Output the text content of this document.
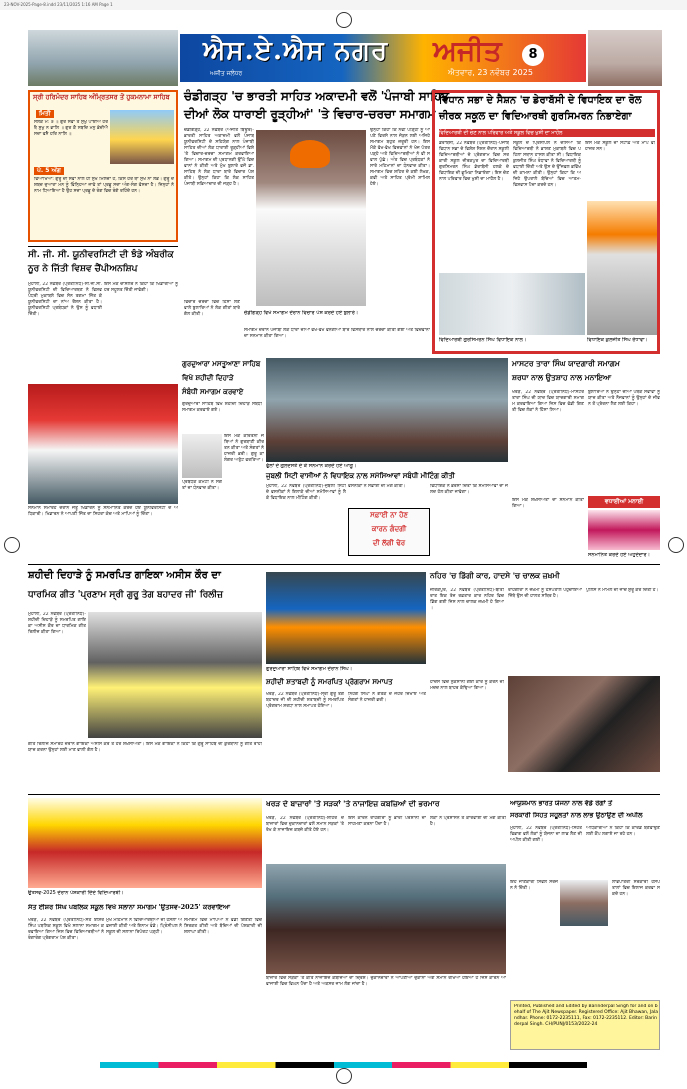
23-NOV-2025-Page-8.indd 23/11/2025 1:16 AM Page 1
ਐਸ.ਏ.ਐਸ ਨਗਰ ਅਜੀਤ	8
ਐਤਵਾਰ, 23 ਨਵੰਬਰ 2025
ਅਜੀਤ ਜਲੰਧਰ
ਸ੍ਰੀ ਹਰਿਮੰਦਰ ਸਾਹਿਬ ਅੰਮ੍ਰਿਤਸਰ ਤੋਂ ਹੁਕਮਨਾਮਾ ਸਾਹਿਬ
ਮਿਤੀ
ਸਲੋਕ ਮ: ੩ ॥ ਗੁਰ ਸੇਵਾ ਤੇ ਸੁਖੁ ਪਾਈਐ ਹੋਰ ਥੈ ਸੁਖੁ ਨ ਭਾਲਿ ॥ ਗੁਰ ਕੈ ਸਬਦਿ ਮਨੁ ਭੇਦੀਐ ਸਦਾ ਵਸੈ ਹਰਿ ਨਾਲਿ ॥
ਪੰ. 5 ਅੰਗ
ਵਿਆਖਿਆ: ਗੁਰੂ ਦੀ ਸੇਵਾ ਨਾਲ ਹੀ ਸੁਖ ਮਿਲਦਾ ਹੈ, ਕਿਸੇ ਹੋਰ ਥਾਂ ਸੁਖ ਨਾ ਲੱਭ। ਗੁਰੂ ਦੇ ਸ਼ਬਦ ਦੁਆਰਾ ਮਨ ਨੂੰ ਵਿੰਨ੍ਹਿਆ ਜਾਵੇ ਤਾਂ ਪ੍ਰਭੂ ਸਦਾ ਅੰਗ-ਸੰਗ ਵੱਸਦਾ ਹੈ। ਜਿਨ੍ਹਾਂ ਨੇ ਨਾਮ ਧਿਆਇਆ ਹੈ ਉਹ ਸਦਾ ਪ੍ਰਭੂ ਦੇ ਰੰਗ ਵਿਚ ਰੰਗੇ ਰਹਿੰਦੇ ਹਨ।
ਚੰਡੀਗੜ੍ਹ 'ਚ ਭਾਰਤੀ ਸਾਹਿਤ ਅਕਾਦਮੀ ਵਲੋਂ 'ਪੰਜਾਬੀ ਸਾਹਿਤ
ਦੀਆਂ ਲੋਕ ਧਾਰਾਈ ਰੂੜ੍ਹੀਆਂ' 'ਤੇ ਵਿਚਾਰ-ਚਰਚਾ ਸਮਾਗਮ
ਚੰਡੀਗੜ੍ਹ, 22 ਨਵੰਬਰ (ਅਜੀਤ ਬਿਊਰੋ)-ਭਾਰਤੀ ਸਾਹਿਤ ਅਕਾਦਮੀ ਵਲੋਂ ਪੰਜਾਬ ਯੂਨੀਵਰਸਿਟੀ ਦੇ ਸਹਿਯੋਗ ਨਾਲ ਪੰਜਾਬੀ ਸਾਹਿਤ ਦੀਆਂ ਲੋਕ ਧਾਰਾਈ ਰੂੜ੍ਹੀਆਂ ਵਿਸ਼ੇ 'ਤੇ ਵਿਚਾਰ-ਚਰਚਾ ਸਮਾਗਮ ਕਰਵਾਇਆ ਗਿਆ। ਸਮਾਗਮ ਦੀ ਪ੍ਰਧਾਨਗੀ ਉੱਘੇ ਵਿਦਵਾਨਾਂ ਨੇ ਕੀਤੀ ਅਤੇ ਮੁੱਖ ਬੁਲਾਰੇ ਵਜੋਂ ਡਾ. ਸਾਹਿਬ ਨੇ ਲੋਕ ਧਾਰਾ ਬਾਰੇ ਵਿਚਾਰ ਪੇਸ਼ ਕੀਤੇ। ਉਨ੍ਹਾਂ ਕਿਹਾ ਕਿ ਲੋਕ ਸਾਹਿਤ ਪੰਜਾਬੀ ਸਭਿਆਚਾਰ ਦੀ ਜੜ੍ਹ ਹੈ।
ਉਨ੍ਹਾਂ ਕਿਹਾ ਕਿ ਨਵੀਂ ਪੀੜ੍ਹੀ ਨੂੰ ਆਪਣੇ ਵਿਰਸੇ ਨਾਲ ਜੋੜਨ ਲਈ ਅਜਿਹੇ ਸਮਾਗਮ ਬਹੁਤ ਜ਼ਰੂਰੀ ਹਨ। ਇਸ ਮੌਕੇ ਵੱਖ-ਵੱਖ ਵਿਦਵਾਨਾਂ ਨੇ ਖੋਜ ਪੱਤਰ ਪੜ੍ਹੇ ਅਤੇ ਵਿਦਿਆਰਥੀਆਂ ਨੇ ਵੀ ਸਵਾਲ ਪੁੱਛੇ। ਅੰਤ ਵਿਚ ਪ੍ਰਬੰਧਕਾਂ ਨੇ ਸਾਰੇ ਮਹਿਮਾਨਾਂ ਦਾ ਧੰਨਵਾਦ ਕੀਤਾ। ਸਮਾਗਮ ਵਿਚ ਸ਼ਹਿਰ ਦੇ ਕਈ ਲੇਖਕ, ਕਵੀ ਅਤੇ ਸਾਹਿਤ ਪ੍ਰੇਮੀ ਸ਼ਾਮਿਲ ਹੋਏ।
ਚੰਡੀਗੜ੍ਹ ਵਿਖੇ ਸਮਾਗਮ ਦੌਰਾਨ ਵਿਚਾਰ ਪੇਸ਼ ਕਰਦੇ ਹੋਏ ਬੁਲਾਰੇ।
ਵਿਚਾਰ ਚਰਚਾ ਵਿਚ ਹਿੱਸਾ ਲੈਣ ਵਾਲੇ ਬੁਲਾਰਿਆਂ ਨੇ ਲੋਕ ਗੀਤਾਂ ਬਾਰੇ ਗੱਲ ਕੀਤੀ।
ਸਮਾਗਮ ਦੌਰਾਨ ਪੰਜਾਬੀ ਲੋਕ ਧਾਰਾ ਦੀਆਂ ਵੱਖ-ਵੱਖ ਵੰਨਗੀਆਂ ਬਾਰੇ ਵਿਸਥਾਰ ਨਾਲ ਚਰਚਾ ਕੀਤੀ ਗਈ ਅਤੇ ਵਿਦਵਾਨਾਂ ਦਾ ਸਨਮਾਨ ਕੀਤਾ ਗਿਆ।
ਵਿਧਾਨ ਸਭਾ ਦੇ ਸੈਸ਼ਨ 'ਚ ਡੇਰਾਬੱਸੀ ਦੇ ਵਿਧਾਇਕ ਦਾ ਰੋਲ
ਜ਼ੀਰਕ ਸਕੂਲ ਦਾ ਵਿਦਿਆਰਥੀ ਗੁਰਸਿਮਰਨ ਨਿਭਾਏਗਾ
ਵਿਦਿਆਰਥੀ ਦੀ ਚੋਣ ਨਾਲ ਪਰਿਵਾਰ ਅਤੇ ਸਕੂਲ ਵਿਚ ਖੁਸ਼ੀ ਦਾ ਮਾਹੌਲ
ਡੇਰਾਬੱਸੀ, 22 ਨਵੰਬਰ (ਪ੍ਰਤੀਨਿਧ)-ਪੰਜਾਬ ਵਿਧਾਨ ਸਭਾ ਦੇ ਵਿਸ਼ੇਸ਼ ਸੈਸ਼ਨ ਦੌਰਾਨ ਸਕੂਲੀ ਵਿਦਿਆਰਥੀਆਂ ਦੇ ਪ੍ਰੋਗਰਾਮ ਵਿਚ ਸਰਕਾਰੀ ਸਕੂਲ ਜ਼ੀਰਕਪੁਰ ਦਾ ਵਿਦਿਆਰਥੀ ਗੁਰਸਿਮਰਨ ਸਿੰਘ ਡੇਰਾਬੱਸੀ ਹਲਕੇ ਦੇ ਵਿਧਾਇਕ ਦੀ ਭੂਮਿਕਾ ਨਿਭਾਏਗਾ। ਇਸ ਚੋਣ ਨਾਲ ਪਰਿਵਾਰ ਵਿਚ ਖੁਸ਼ੀ ਦਾ ਮਾਹੌਲ ਹੈ।
ਸਕੂਲ ਦੇ ਪ੍ਰਿੰਸੀਪਲ ਨੇ ਦੱਸਿਆ ਕਿ ਵਿਦਿਆਰਥੀ ਨੇ ਭਾਸ਼ਣ ਮੁਕਾਬਲੇ ਵਿਚ ਪਹਿਲਾ ਸਥਾਨ ਹਾਸਲ ਕੀਤਾ ਸੀ। ਵਿਧਾਇਕ ਕੁਲਜੀਤ ਸਿੰਘ ਰੰਧਾਵਾ ਨੇ ਵਿਦਿਆਰਥੀ ਨੂੰ ਵਧਾਈ ਦਿੱਤੀ ਅਤੇ ਉਸ ਦੇ ਉੱਜਵਲ ਭਵਿੱਖ ਦੀ ਕਾਮਨਾ ਕੀਤੀ। ਉਨ੍ਹਾਂ ਕਿਹਾ ਕਿ ਅਜਿਹੇ ਉਪਰਾਲੇ ਬੱਚਿਆਂ ਵਿਚ ਆਤਮ-ਵਿਸ਼ਵਾਸ ਪੈਦਾ ਕਰਦੇ ਹਨ।
ਇਸ ਮੌਕੇ ਸਕੂਲ ਦਾ ਸਟਾਫ਼ ਅਤੇ ਮਾਪੇ ਵੀ ਹਾਜ਼ਰ ਸਨ।
ਵਿਦਿਆਰਥੀ ਗੁਰਸਿਮਰਨ ਸਿੰਘ ਵਿਧਾਇਕ ਨਾਲ।	ਵਿਧਾਇਕ ਕੁਲਜੀਤ ਸਿੰਘ ਰੰਧਾਵਾ।
ਸੀ. ਜੀ. ਸੀ. ਯੂਨੀਵਰਸਿਟੀ ਦੀ ਝੰਡੇ ਅੰਬਰੀਕ
ਨੂਰ ਨੇ ਜਿੱਤੀ ਵਿਸ਼ਵ ਚੈਂਪੀਅਨਸ਼ਿਪ
ਮੁਹਾਲੀ, 22 ਨਵੰਬਰ (ਪ੍ਰਤੀਨਿਧ)-ਸੀ.ਜੀ.ਸੀ. ਯੂਨੀਵਰਸਿਟੀ ਦੀ ਵਿਦਿਆਰਥਣ ਨੇ ਵਿਸ਼ਵ ਪੱਧਰੀ ਮੁਕਾਬਲੇ ਵਿਚ ਸੋਨ ਤਗਮਾ ਜਿੱਤ ਕੇ ਯੂਨੀਵਰਸਿਟੀ ਦਾ ਨਾਂਅ ਰੌਸ਼ਨ ਕੀਤਾ ਹੈ। ਯੂਨੀਵਰਸਿਟੀ ਪ੍ਰਬੰਧਕਾਂ ਨੇ ਉਸ ਨੂੰ ਵਧਾਈ ਦਿੱਤੀ।
ਇਸ ਮੌਕੇ ਚਾਂਸਲਰ ਨੇ ਕਿਹਾ ਕਿ ਖਿਡਾਰੀਆਂ ਨੂੰ ਹਰ ਸਹੂਲਤ ਦਿੱਤੀ ਜਾਵੇਗੀ।
ਸਨਮਾਨ ਸਮਾਰੋਹ ਦੌਰਾਨ ਜੇਤੂ ਖਿਡਾਰਨ ਨੂੰ ਸਨਮਾਨਿਤ ਕਰਦੇ ਹੋਏ ਯੂਨੀਵਰਸਿਟੀ ਦੇ ਅਧਿਕਾਰੀ। ਖਿਡਾਰਨ ਨੇ ਆਪਣੀ ਜਿੱਤ ਦਾ ਸਿਹਰਾ ਕੋਚ ਅਤੇ ਮਾਪਿਆਂ ਨੂੰ ਦਿੱਤਾ।
ਗੁਰਦੁਆਰਾ ਮਸਤੂਆਣਾ ਸਾਹਿਬ
ਵਿਖੇ ਸ਼ਹੀਦੀ ਦਿਹਾੜੇ
ਸੰਬੰਧੀ ਸਮਾਗਮ ਕਰਵਾਏ
ਗੁਰਦੁਆਰਾ ਸਾਹਿਬ ਵਿਖੇ ਸ਼ਹੀਦੀ ਦਿਹਾੜੇ ਸਬੰਧੀ ਸਮਾਗਮ ਕਰਵਾਏ ਗਏ।
ਇਸ ਮੌਕੇ ਕੀਰਤਨੀ ਜਥਿਆਂ ਨੇ ਗੁਰਬਾਣੀ ਕੀਰਤਨ ਕੀਤਾ ਅਤੇ ਸੰਗਤਾਂ ਨੇ ਹਾਜ਼ਰੀ ਭਰੀ। ਗੁਰੂ ਕਾ ਲੰਗਰ ਅਤੁੱਟ ਵਰਤਿਆ।
ਪ੍ਰਬੰਧਕ ਕਮੇਟੀ ਨੇ ਸੰਗਤਾਂ ਦਾ ਧੰਨਵਾਦ ਕੀਤਾ।
ਫੁੱਲਾਂ ਦੇ ਗੁਲਦਸਤੇ ਦੇ ਕੇ ਸਨਮਾਨ ਕਰਦੇ ਹੋਏ ਆਗੂ।
ਜੁਬਲੀ ਸਿਟੀ ਵਾਸੀਆਂ ਨੇ ਵਿਧਾਇਕ ਨਾਲ ਸਮੱਸਿਆਵਾਂ ਸਬੰਧੀ ਮੀਟਿੰਗ ਕੀਤੀ
ਮੁਹਾਲੀ, 22 ਨਵੰਬਰ (ਪ੍ਰਤੀਨਿਧ)-ਜੁਬਲੀ ਸਿਟੀ ਦੇ ਵਸਨੀਕਾਂ ਨੇ ਇਲਾਕੇ ਦੀਆਂ ਸਮੱਸਿਆਵਾਂ ਨੂੰ ਲੈ ਕੇ ਵਿਧਾਇਕ ਨਾਲ ਮੀਟਿੰਗ ਕੀਤੀ।
ਸਫ਼ਾਈ ਨਾ ਹੋਣ
ਕਾਰਨ ਗੰਦਗੀ
ਦੀ ਲੱਗੀ ਢੇਰ
ਵਸਨੀਕਾਂ ਨੇ ਸਫ਼ਾਈ ਦੀ ਮੰਗ ਕੀਤੀ।	ਵਿਧਾਇਕ ਨੇ ਭਰੋਸਾ ਦਿੱਤਾ ਕਿ ਸਮੱਸਿਆਵਾਂ ਦਾ ਜਲਦ ਹੱਲ ਕੀਤਾ ਜਾਵੇਗਾ।
ਮਾਸਟਰ ਤਾਰਾ ਸਿੰਘ ਯਾਦਗਾਰੀ ਸਮਾਗਮ
ਸ਼ਰਧਾ ਨਾਲ ਉਤਸ਼ਾਹ ਨਾਲ ਮਨਾਇਆ
ਖਰੜ, 22 ਨਵੰਬਰ (ਪ੍ਰਤੀਨਿਧ)-ਮਾਸਟਰ ਤਾਰਾ ਸਿੰਘ ਦੀ ਯਾਦ ਵਿਚ ਯਾਦਗਾਰੀ ਸਮਾਗਮ ਕਰਵਾਇਆ ਗਿਆ ਜਿਸ ਵਿਚ ਵੱਡੀ ਗਿਣਤੀ ਵਿਚ ਲੋਕਾਂ ਨੇ ਹਿੱਸਾ ਲਿਆ।
ਬੁਲਾਰਿਆਂ ਨੇ ਉਨ੍ਹਾਂ ਦੀਆਂ ਪੰਥਕ ਸੇਵਾਵਾਂ ਨੂੰ ਯਾਦ ਕੀਤਾ ਅਤੇ ਨੌਜਵਾਨਾਂ ਨੂੰ ਉਨ੍ਹਾਂ ਦੇ ਜੀਵਨ ਤੋਂ ਪ੍ਰੇਰਨਾ ਲੈਣ ਲਈ ਕਿਹਾ।
ਵਧਾਈਆਂ ਮਨਾਈ
ਇਸ ਮੌਕੇ ਸ਼ਖ਼ਸੀਅਤਾਂ ਦਾ ਸਨਮਾਨ ਕੀਤਾ ਗਿਆ।
ਸਨਮਾਨਿਤ ਕਰਦੇ ਹੋਏ ਅਹੁਦੇਦਾਰ।
ਸ਼ਹੀਦੀ ਦਿਹਾੜੇ ਨੂੰ ਸਮਰਪਿਤ ਗਾਇਕਾ ਅਸੀਸ ਕੌਰ ਦਾ
ਧਾਰਮਿਕ ਗੀਤ 'ਪ੍ਰਣਾਮ ਸ੍ਰੀ ਗੁਰੂ ਤੇਗ ਬਹਾਦਰ ਜੀ' ਰਿਲੀਜ਼
ਮੁਹਾਲੀ, 22 ਨਵੰਬਰ (ਪ੍ਰਤੀਨਿਧ)-ਸ਼ਹੀਦੀ ਦਿਹਾੜੇ ਨੂੰ ਸਮਰਪਿਤ ਗਾਇਕਾ ਅਸੀਸ ਕੌਰ ਦਾ ਧਾਰਮਿਕ ਗੀਤ ਰਿਲੀਜ਼ ਕੀਤਾ ਗਿਆ।
ਗੀਤ ਰਿਲੀਜ਼ ਸਮਾਰੋਹ ਦੌਰਾਨ ਗਾਇਕਾ ਅਸੀਸ ਕੌਰ ਤੇ ਹੋਰ ਸ਼ਖ਼ਸੀਅਤਾਂ। ਇਸ ਮੌਕੇ ਗਾਇਕਾ ਨੇ ਕਿਹਾ ਕਿ ਗੁਰੂ ਸਾਹਿਬ ਦੀ ਕੁਰਬਾਨੀ ਨੂੰ ਗੀਤ ਰਾਹੀਂ ਯਾਦ ਕਰਨਾ ਉਨ੍ਹਾਂ ਲਈ ਮਾਣ ਵਾਲੀ ਗੱਲ ਹੈ।
ਗੁਰਦੁਆਰਾ ਸਾਹਿਬ ਵਿਖੇ ਸਮਾਗਮ ਦੌਰਾਨ ਸਿੰਘ।
ਸ਼ਹੀਦੀ ਸ਼ਤਾਬਦੀ ਨੂੰ ਸਮਰਪਿਤ ਪ੍ਰੋਗਰਾਮ ਸਮਾਪਤ
ਖਰੜ, 22 ਨਵੰਬਰ (ਪ੍ਰਤੀਨਿਧ)-ਸ੍ਰੀ ਗੁਰੂ ਤੇਗ ਬਹਾਦਰ ਜੀ ਦੀ ਸ਼ਹੀਦੀ ਸ਼ਤਾਬਦੀ ਨੂੰ ਸਮਰਪਿਤ ਪ੍ਰੋਗਰਾਮ ਸ਼ਰਧਾ ਨਾਲ ਸਮਾਪਤ ਹੋਇਆ।
ਨਿਹੰਗ ਸਿੰਘਾਂ ਨੇ ਗੱਤਕੇ ਦੇ ਜੌਹਰ ਦਿਖਾਏ ਅਤੇ ਸੰਗਤਾਂ ਨੇ ਹਾਜ਼ਰੀ ਭਰੀ।
ਨਹਿਰ 'ਚ ਡਿੱਗੀ ਕਾਰ, ਹਾਦਸੇ 'ਚ ਚਾਲਕ ਜ਼ਖ਼ਮੀ
ਜ਼ੀਰਕਪੁਰ, 22 ਨਵੰਬਰ (ਪ੍ਰਤੀਨਿਧ)-ਬੀਤੀ ਰਾਤ ਇਕ ਤੇਜ਼ ਰਫ਼ਤਾਰ ਕਾਰ ਨਹਿਰ ਵਿਚ ਡਿੱਗ ਗਈ ਜਿਸ ਨਾਲ ਚਾਲਕ ਜ਼ਖ਼ਮੀ ਹੋ ਗਿਆ।
ਰਾਹਗੀਰਾਂ ਨੇ ਜ਼ਖ਼ਮੀ ਨੂੰ ਹਸਪਤਾਲ ਪਹੁੰਚਾਇਆ ਜਿੱਥੇ ਉਸ ਦੀ ਹਾਲਤ ਸਥਿਰ ਹੈ।
ਪੁਲਿਸ ਨੇ ਮਾਮਲੇ ਦੀ ਜਾਂਚ ਸ਼ੁਰੂ ਕਰ ਦਿੱਤੀ ਹੈ।
ਹਾਦਸੇ ਵਿਚ ਨੁਕਸਾਨੀ ਗਈ ਕਾਰ ਨੂੰ ਕਰੇਨ ਦੀ ਮਦਦ ਨਾਲ ਬਾਹਰ ਕੱਢਿਆ ਗਿਆ।
ਉਤਸਵ-2025 ਦੌਰਾਨ ਪੇਸ਼ਕਾਰੀ ਦਿੰਦੇ ਵਿਦਿਆਰਥੀ।
ਸੰਤ ਈਸ਼ਰ ਸਿੰਘ ਪਬਲਿਕ ਸਕੂਲ ਵਿਖੇ ਸਲਾਨਾ ਸਮਾਗਮ 'ਉਤਸਵ-2025' ਕਰਵਾਇਆ
ਖਰੜ, 22 ਨਵੰਬਰ (ਪ੍ਰਤੀਨਿਧ)-ਸੰਤ ਈਸ਼ਰ ਸਿੰਘ ਪਬਲਿਕ ਸਕੂਲ ਵਿਖੇ ਸਲਾਨਾ ਸਮਾਗਮ ਕਰਵਾਇਆ ਗਿਆ ਜਿਸ ਵਿਚ ਵਿਦਿਆਰਥੀਆਂ ਨੇ ਰੰਗਾਰੰਗ ਪ੍ਰੋਗਰਾਮ ਪੇਸ਼ ਕੀਤਾ।
ਮੁੱਖ ਮਹਿਮਾਨ ਨੇ ਵਿਦਿਆਰਥੀਆਂ ਦੀ ਹੌਸਲਾ ਅਫ਼ਜ਼ਾਈ ਕੀਤੀ ਅਤੇ ਇਨਾਮ ਵੰਡੇ। ਪ੍ਰਿੰਸੀਪਲ ਨੇ ਸਕੂਲ ਦੀ ਸਲਾਨਾ ਰਿਪੋਰਟ ਪੜ੍ਹੀ।
ਸਮਾਗਮ ਵਿਚ ਮਾਪਿਆਂ ਨੇ ਵੱਡੀ ਗਿਣਤੀ ਵਿਚ ਸ਼ਿਰਕਤ ਕੀਤੀ ਅਤੇ ਬੱਚਿਆਂ ਦੀ ਪੇਸ਼ਕਾਰੀ ਦੀ ਸ਼ਲਾਘਾ ਕੀਤੀ।
ਖਰੜ ਦੇ ਬਾਜ਼ਾਰਾਂ 'ਤੇ ਸੜਕਾਂ 'ਤੇ ਨਾਜਾਇਜ਼ ਕਬਜ਼ਿਆਂ ਦੀ ਭਰਮਾਰ
ਖਰੜ, 22 ਨਵੰਬਰ (ਪ੍ਰਤੀਨਿਧ)-ਸ਼ਹਿਰ ਦੇ ਬਾਜ਼ਾਰਾਂ ਵਿਚ ਦੁਕਾਨਦਾਰਾਂ ਵਲੋਂ ਸਮਾਨ ਸੜਕਾਂ 'ਤੇ ਰੱਖ ਕੇ ਨਾਜਾਇਜ਼ ਕਬਜ਼ੇ ਕੀਤੇ ਹੋਏ ਹਨ।
ਇਸ ਕਾਰਨ ਰਾਹਗੀਰਾਂ ਨੂੰ ਭਾਰੀ ਪਰੇਸ਼ਾਨੀ ਦਾ ਸਾਹਮਣਾ ਕਰਨਾ ਪੈਂਦਾ ਹੈ।
ਲੋਕਾਂ ਨੇ ਪ੍ਰਸ਼ਾਸਨ ਤੋਂ ਕਾਰਵਾਈ ਦੀ ਮੰਗ ਕੀਤੀ ਹੈ।
ਬਾਜ਼ਾਰ ਵਿਚ ਸੜਕਾਂ 'ਤੇ ਕੀਤੇ ਨਾਜਾਇਜ਼ ਕਬਜ਼ਿਆਂ ਦਾ ਦ੍ਰਿਸ਼। ਦੁਕਾਨਦਾਰਾਂ ਨੇ ਆਪਣੀਆਂ ਦੁਕਾਨਾਂ ਅੱਗੇ ਸਮਾਨ ਰੱਖਿਆ ਹੋਇਆ ਹੈ ਜਿਸ ਕਾਰਨ ਆਵਾਜਾਈ ਵਿਚ ਵਿਘਨ ਪੈਂਦਾ ਹੈ ਅਤੇ ਅਕਸਰ ਜਾਮ ਲੱਗ ਜਾਂਦਾ ਹੈ।
ਆਯੁਸ਼ਮਾਨ ਭਾਰਤ ਯੋਜਨਾ ਨਾਲ ਵੱਡੇ ਰੋਗਾਂ ਤੋਂ
ਸਰਕਾਰੀ ਸਿਹਤ ਸਹੂਲਤਾਂ ਨਾਲ ਲਾਭ ਉਠਾਉਣ ਦੀ ਅਪੀਲ
ਮੁਹਾਲੀ, 22 ਨਵੰਬਰ (ਪ੍ਰਤੀਨਿਧ)-ਸਿਹਤ ਵਿਭਾਗ ਵਲੋਂ ਲੋਕਾਂ ਨੂੰ ਯੋਜਨਾ ਦਾ ਲਾਭ ਲੈਣ ਦੀ ਅਪੀਲ ਕੀਤੀ ਗਈ।
ਅਧਿਕਾਰੀਆਂ ਨੇ ਕਿਹਾ ਕਿ ਕਾਰਡ ਬਣਵਾਉਣ ਲਈ ਕੈਂਪ ਲਗਾਏ ਜਾ ਰਹੇ ਹਨ।
ਇਹ ਜਾਣਕਾਰੀ ਸਿਵਲ ਸਰਜਨ ਨੇ ਦਿੱਤੀ।
ਲਾਭਪਾਤਰੀ ਸਰਕਾਰੀ ਹਸਪਤਾਲਾਂ ਵਿਚ ਇਲਾਜ ਕਰਵਾ ਸਕਦੇ ਹਨ।
Printed, Published and Edited by Barinderpal Singh for and on behalf of The Ajit Newspaper. Registered Office: Ajit Bhawan, Jalandhar. Phone: 0172-2235111, Fax: 0172-2235112. Editor: Barinderpal Singh. CH/PUNJ/0153/2022-24
